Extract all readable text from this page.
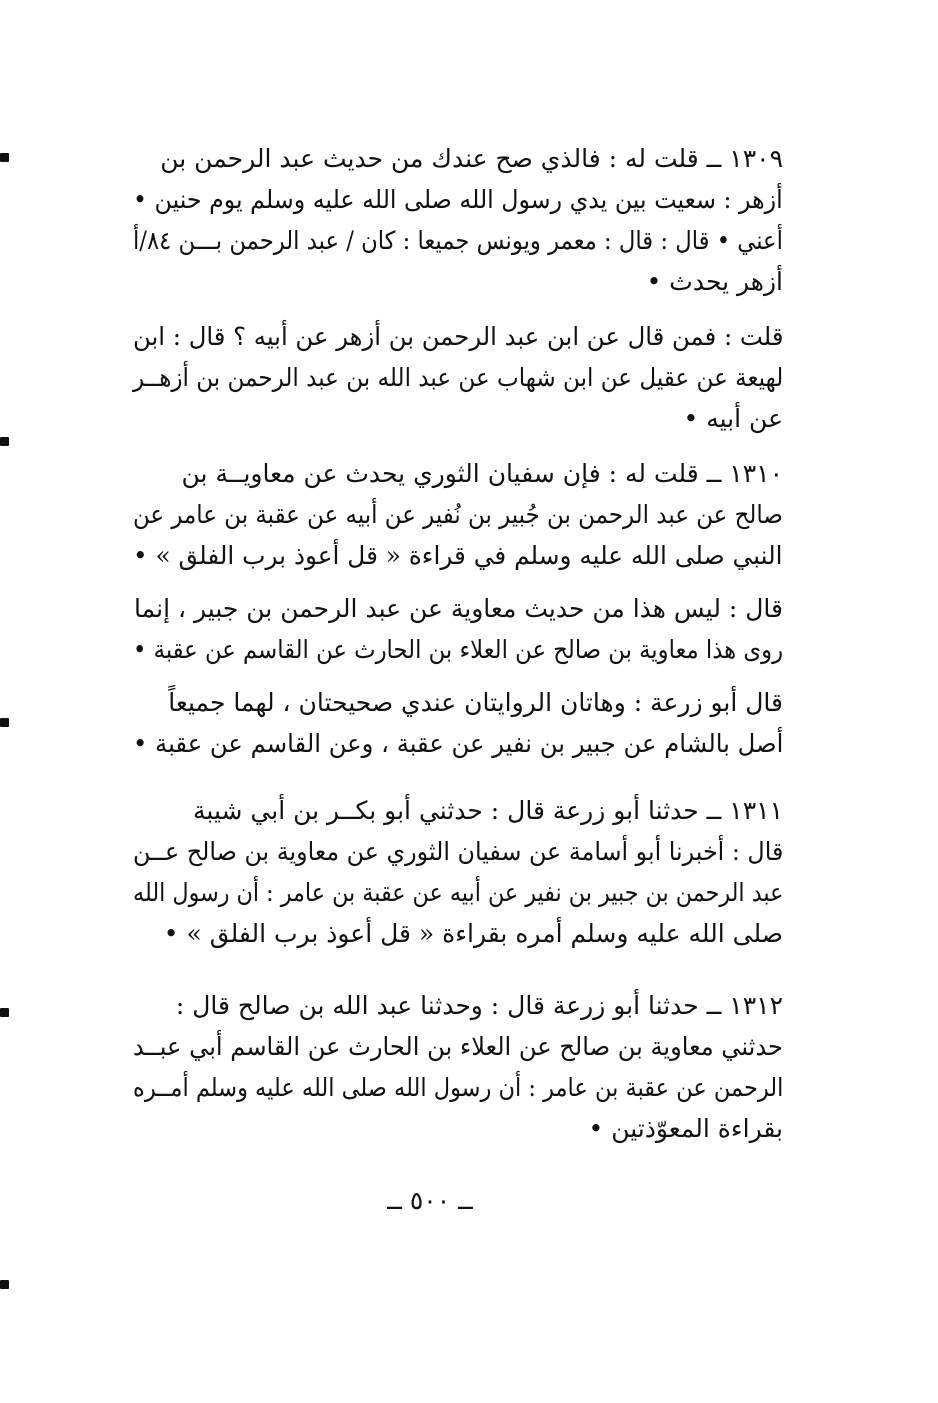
١٣٠٩ ــ قلت له : فالذي صح عندك من حديث عبد الرحمن بن
أزهر : سعيت بين يدي رسول الله صلى الله عليه وسلم يوم حنين •
أعني • قال : قال : معمر ويونس جميعا : كان / عبد الرحمن بـــن ٨٤/أ
أزهر يحدث •
قلت : فمن قال عن ابن عبد الرحمن بن أزهر عن أبيه ؟ قال : ابن
لهيعة عن عقيل عن ابن شهاب عن عبد الله بن عبد الرحمن بن أزهــر
عن أبيه •
١٣١٠ ــ قلت له : فإن سفيان الثوري يحدث عن معاويــة بن
صالح عن عبد الرحمن بن جُبير بن نُفير عن أبيه عن عقبة بن عامر عن
النبي صلى الله عليه وسلم في قراءة « قل أعوذ برب الفلق » •
قال : ليس هذا من حديث معاوية عن عبد الرحمن بن جبير ، إنما
روى هذا معاوية بن صالح عن العلاء بن الحارث عن القاسم عن عقبة •
قال أبو زرعة : وهاتان الروايتان عندي صحيحتان ، لهما جميعاً
أصل بالشام عن جبير بن نفير عن عقبة ، وعن القاسم عن عقبة •
١٣١١ ــ حدثنا أبو زرعة قال : حدثني أبو بكــر بن أبي شيبة
قال : أخبرنا أبو أسامة عن سفيان الثوري عن معاوية بن صالح عــن
عبد الرحمن بن جبير بن نفير عن أبيه عن عقبة بن عامر : أن رسول الله
صلى الله عليه وسلم أمره بقراءة « قل أعوذ برب الفلق » •
١٣١٢ ــ حدثنا أبو زرعة قال : وحدثنا عبد الله بن صالح قال :
حدثني معاوية بن صالح عن العلاء بن الحارث عن القاسم أبي عبــد
الرحمن عن عقبة بن عامر : أن رسول الله صلى الله عليه وسلم أمــره
بقراءة المعوّذتين •
ــ ٥٠٠ ــ
